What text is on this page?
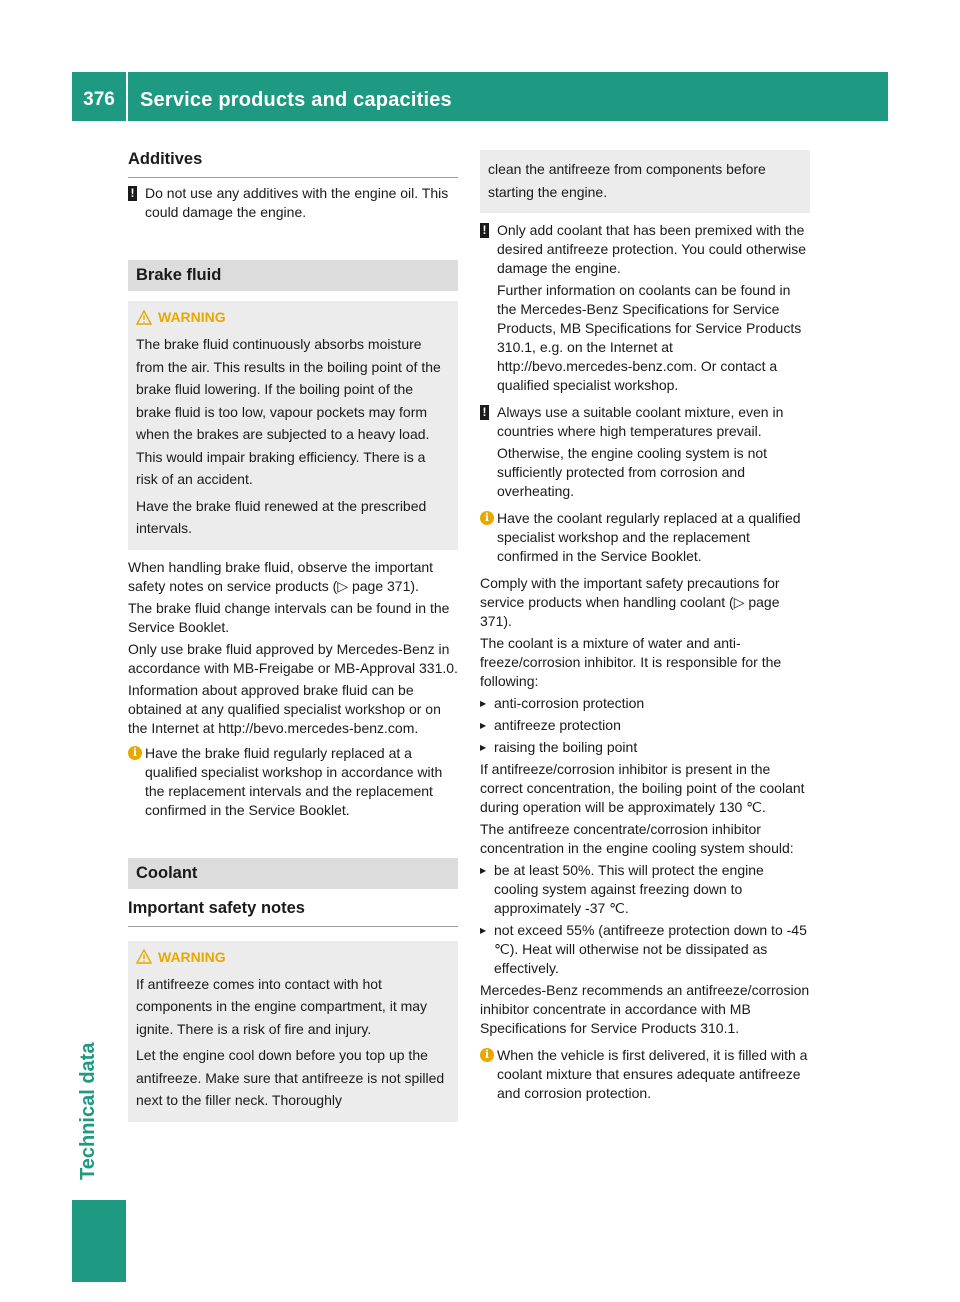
376	Service products and capacities
Technical data
Additives
! Do not use any additives with the engine oil. This could damage the engine.
Brake fluid
WARNING
The brake fluid continuously absorbs moisture from the air. This results in the boiling point of the brake fluid lowering. If the boiling point of the brake fluid is too low, vapour pockets may form when the brakes are subjected to a heavy load. This would impair braking efficiency. There is a risk of an accident.
Have the brake fluid renewed at the prescribed intervals.
When handling brake fluid, observe the important safety notes on service products (▷ page 371).
The brake fluid change intervals can be found in the Service Booklet.
Only use brake fluid approved by Mercedes-Benz in accordance with MB-Freigabe or MB-Approval 331.0.
Information about approved brake fluid can be obtained at any qualified specialist workshop or on the Internet at http://bevo.mercedes-benz.com.
i Have the brake fluid regularly replaced at a qualified specialist workshop in accordance with the replacement intervals and the replacement confirmed in the Service Booklet.
Coolant
Important safety notes
WARNING
If antifreeze comes into contact with hot components in the engine compartment, it may ignite. There is a risk of fire and injury.
Let the engine cool down before you top up the antifreeze. Make sure that antifreeze is not spilled next to the filler neck. Thoroughly
clean the antifreeze from components before starting the engine.
! Only add coolant that has been premixed with the desired antifreeze protection. You could otherwise damage the engine.
Further information on coolants can be found in the Mercedes-Benz Specifications for Service Products, MB Specifications for Service Products 310.1, e.g. on the Internet at http://bevo.mercedes-benz.com. Or contact a qualified specialist workshop.
! Always use a suitable coolant mixture, even in countries where high temperatures prevail.
Otherwise, the engine cooling system is not sufficiently protected from corrosion and overheating.
i Have the coolant regularly replaced at a qualified specialist workshop and the replacement confirmed in the Service Booklet.
Comply with the important safety precautions for service products when handling coolant (▷ page 371).
The coolant is a mixture of water and anti-freeze/corrosion inhibitor. It is responsible for the following:
▶ anti-corrosion protection
▶ antifreeze protection
▶ raising the boiling point
If antifreeze/corrosion inhibitor is present in the correct concentration, the boiling point of the coolant during operation will be approximately 130 ℃.
The antifreeze concentrate/corrosion inhibitor concentration in the engine cooling system should:
▶ be at least 50%. This will protect the engine cooling system against freezing down to approximately -37 ℃.
▶ not exceed 55% (antifreeze protection down to -45 ℃). Heat will otherwise not be dissipated as effectively.
Mercedes-Benz recommends an antifreeze/corrosion inhibitor concentrate in accordance with MB Specifications for Service Products 310.1.
i When the vehicle is first delivered, it is filled with a coolant mixture that ensures adequate antifreeze and corrosion protection.
